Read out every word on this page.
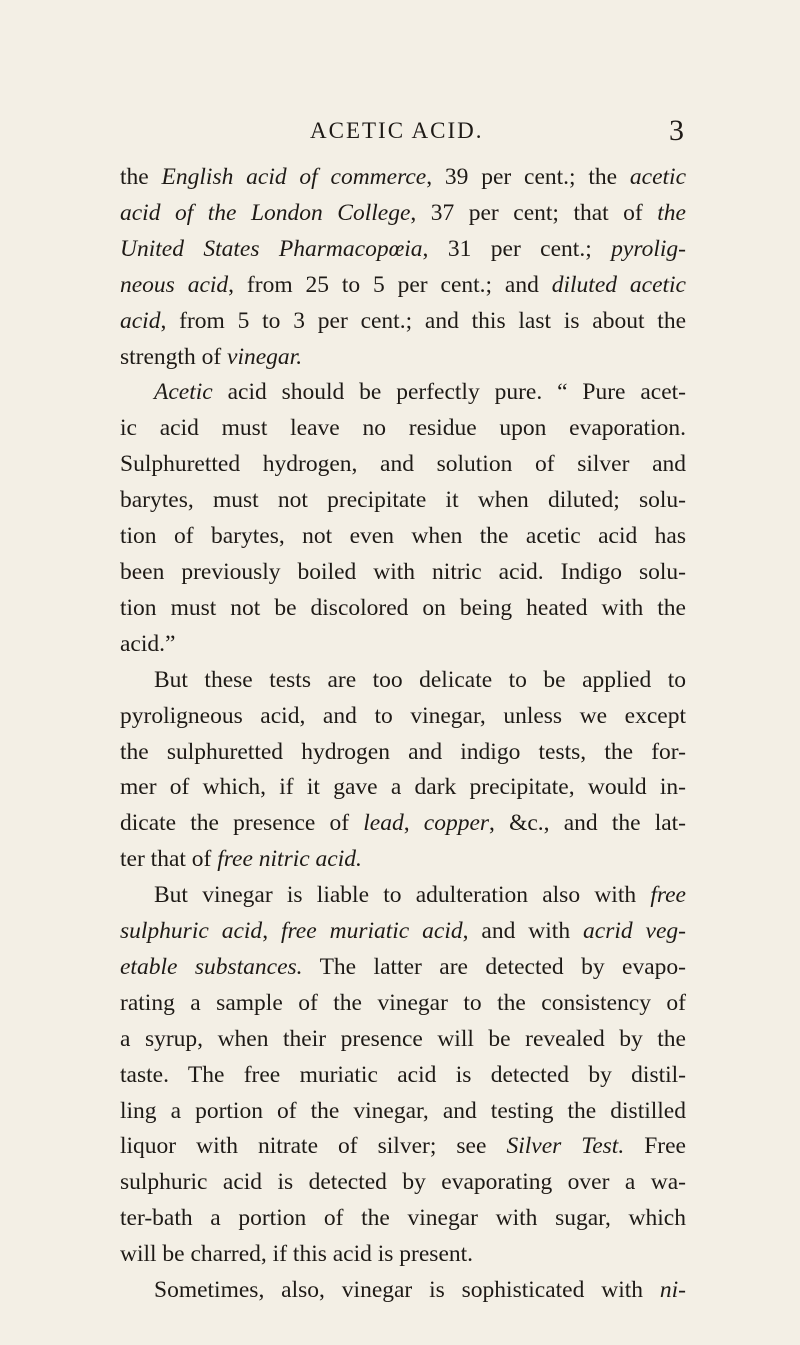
ACETIC ACID.	3
the English acid of commerce, 39 per cent.; the acetic
acid of the London College, 37 per cent; that of the
United States Pharmacopœia, 31 per cent.; pyrolig-
neous acid, from 25 to 5 per cent.; and diluted acetic
acid, from 5 to 3 per cent.; and this last is about the
strength of vinegar.
Acetic acid should be perfectly pure. “ Pure acet-
ic acid must leave no residue upon evaporation.
Sulphuretted hydrogen, and solution of silver and
barytes, must not precipitate it when diluted; solu-
tion of barytes, not even when the acetic acid has
been previously boiled with nitric acid. Indigo solu-
tion must not be discolored on being heated with the
acid.”
But these tests are too delicate to be applied to
pyroligneous acid, and to vinegar, unless we except
the sulphuretted hydrogen and indigo tests, the for-
mer of which, if it gave a dark precipitate, would in-
dicate the presence of lead, copper, &c., and the lat-
ter that of free nitric acid.
But vinegar is liable to adulteration also with free
sulphuric acid, free muriatic acid, and with acrid veg-
etable substances. The latter are detected by evapo-
rating a sample of the vinegar to the consistency of
a syrup, when their presence will be revealed by the
taste. The free muriatic acid is detected by distil-
ling a portion of the vinegar, and testing the distilled
liquor with nitrate of silver; see Silver Test. Free
sulphuric acid is detected by evaporating over a wa-
ter-bath a portion of the vinegar with sugar, which
will be charred, if this acid is present.
Sometimes, also, vinegar is sophisticated with ni-
